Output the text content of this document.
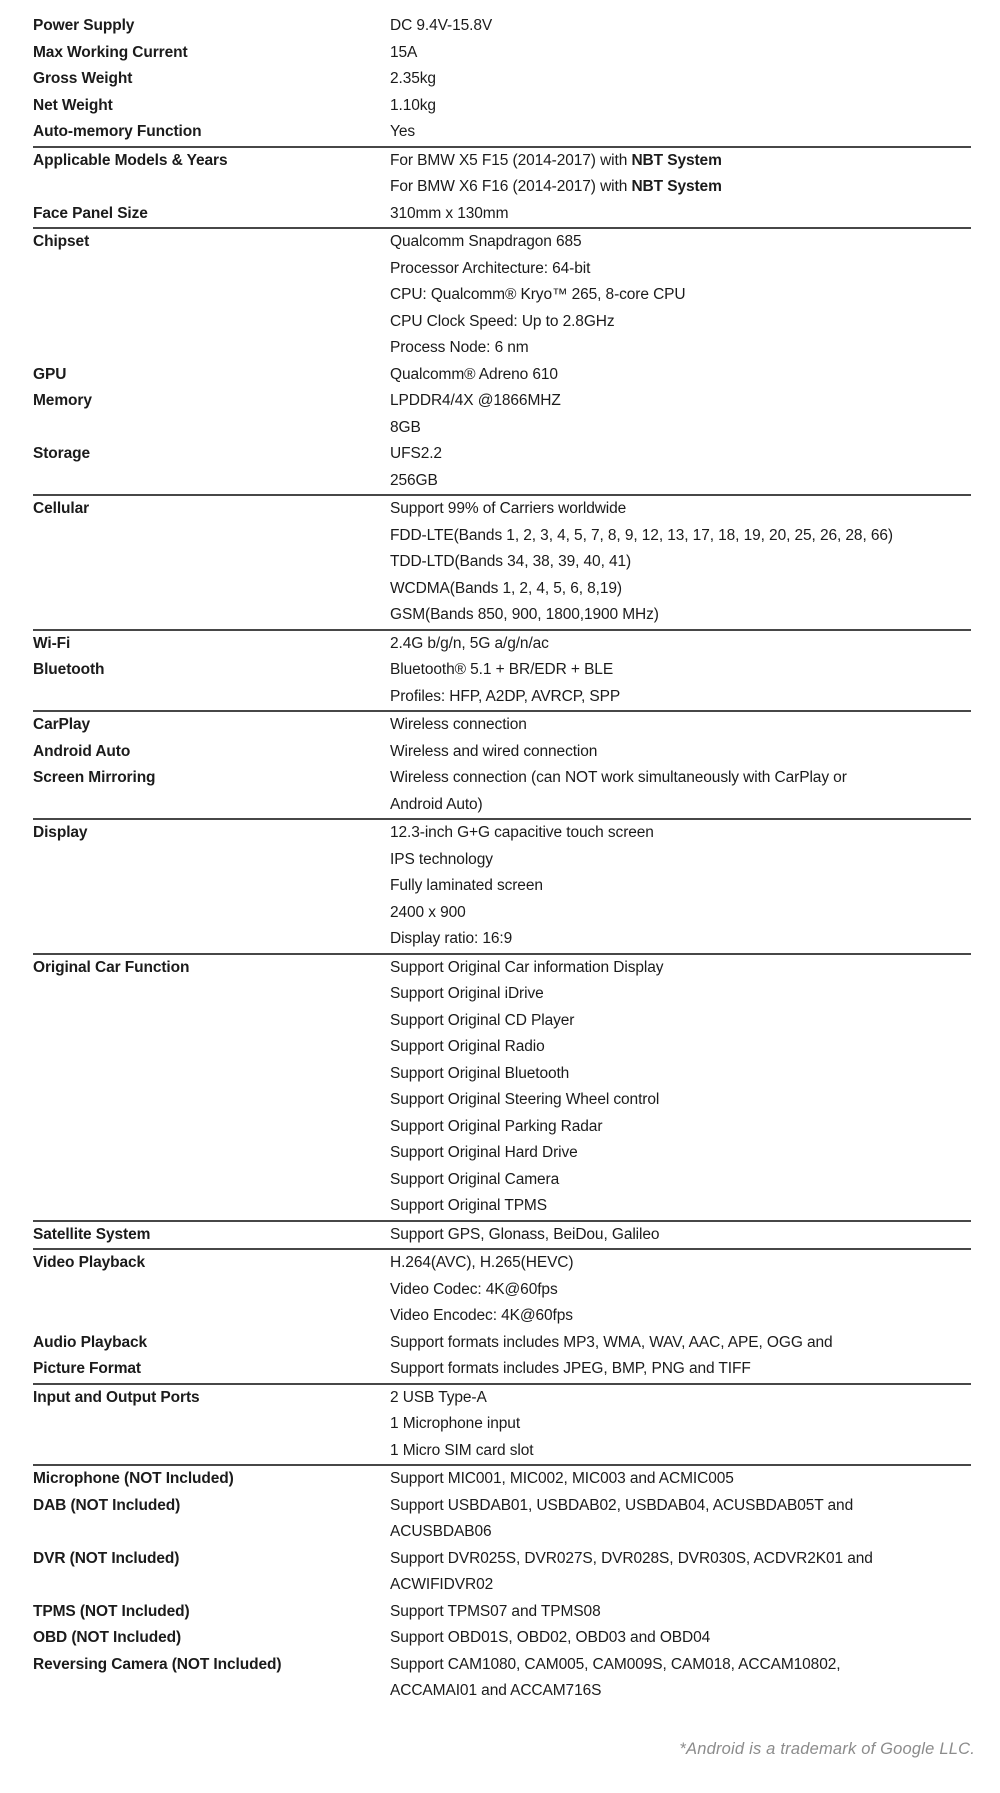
Power Supply	DC 9.4V-15.8V
Max Working Current	15A
Gross Weight	2.35kg
Net Weight	1.10kg
Auto-memory Function	Yes
Applicable Models & Years	For BMW X5 F15 (2014-2017) with NBT System
For BMW X6 F16 (2014-2017) with NBT System
Face Panel Size	310mm x 130mm
Chipset	Qualcomm Snapdragon 685
Processor Architecture: 64-bit
CPU: Qualcomm® Kryo™ 265, 8-core CPU
CPU Clock Speed: Up to 2.8GHz
Process Node: 6 nm
GPU	Qualcomm® Adreno 610
Memory	LPDDR4/4X @1866MHZ
8GB
Storage	UFS2.2
256GB
Cellular	Support 99% of Carriers worldwide
FDD-LTE(Bands 1, 2, 3, 4, 5, 7, 8, 9, 12, 13, 17, 18, 19, 20, 25, 26, 28, 66)
TDD-LTD(Bands 34, 38, 39, 40, 41)
WCDMA(Bands 1, 2, 4, 5, 6, 8,19)
GSM(Bands 850, 900, 1800,1900 MHz)
Wi-Fi	2.4G b/g/n, 5G a/g/n/ac
Bluetooth	Bluetooth® 5.1 + BR/EDR + BLE
Profiles: HFP, A2DP, AVRCP, SPP
CarPlay	Wireless connection
Android Auto	Wireless and wired connection
Screen Mirroring	Wireless connection (can NOT work simultaneously with CarPlay or
Android Auto)
Display	12.3-inch G+G capacitive touch screen
IPS technology
Fully laminated screen
2400 x 900
Display ratio: 16:9
Original Car Function	Support Original Car information Display
Support Original iDrive
Support Original CD Player
Support Original Radio
Support Original Bluetooth
Support Original Steering Wheel control
Support Original Parking Radar
Support Original Hard Drive
Support Original Camera
Support Original TPMS
Satellite System	Support GPS, Glonass, BeiDou, Galileo
Video Playback	H.264(AVC), H.265(HEVC)
Video Codec: 4K@60fps
Video Encodec: 4K@60fps
Audio Playback	Support formats includes MP3, WMA, WAV, AAC, APE, OGG and
Picture Format	Support formats includes JPEG, BMP, PNG and TIFF
Input and Output Ports	2 USB Type-A
1 Microphone input
1 Micro SIM card slot
Microphone (NOT Included)	Support MIC001, MIC002, MIC003 and ACMIC005
DAB (NOT Included)	Support USBDAB01, USBDAB02, USBDAB04, ACUSBDAB05T and
ACUSBDAB06
DVR (NOT Included)	Support DVR025S, DVR027S, DVR028S, DVR030S, ACDVR2K01 and
ACWIFIDVR02
TPMS (NOT Included)	Support TPMS07 and TPMS08
OBD (NOT Included)	Support OBD01S, OBD02, OBD03 and OBD04
Reversing Camera (NOT Included)	Support CAM1080, CAM005, CAM009S, CAM018, ACCAM10802,
ACCAMAI01 and ACCAM716S
*Android is a trademark of Google LLC.
